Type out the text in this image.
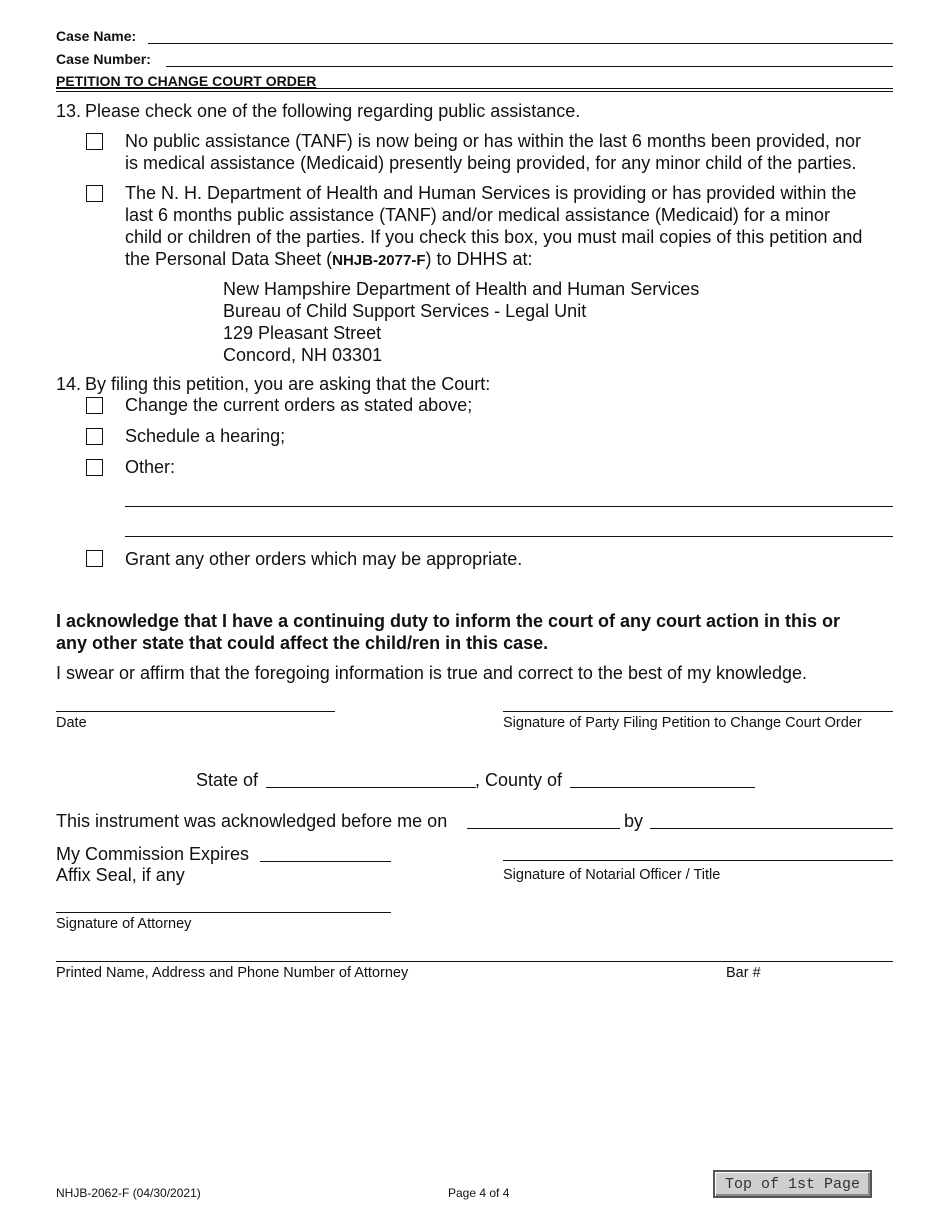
Case Name:
Case Number:
PETITION TO CHANGE COURT ORDER
13. Please check one of the following regarding public assistance.
No public assistance (TANF) is now being or has within the last 6 months been provided, nor
is medical assistance (Medicaid) presently being provided, for any minor child of the parties.
The N. H. Department of Health and Human Services is providing or has provided within the
last 6 months public assistance (TANF) and/or medical assistance (Medicaid) for a minor
child or children of the parties. If you check this box, you must mail copies of this petition and
the Personal Data Sheet (NHJB-2077-F) to DHHS at:
New Hampshire Department of Health and Human Services
Bureau of Child Support Services - Legal Unit
129 Pleasant Street
Concord, NH 03301
14. By filing this petition, you are asking that the Court:
Change the current orders as stated above;
Schedule a hearing;
Other:
Grant any other orders which may be appropriate.
I acknowledge that I have a continuing duty to inform the court of any court action in this or
any other state that could affect the child/ren in this case.
I swear or affirm that the foregoing information is true and correct to the best of my knowledge.
Date	Signature of Party Filing Petition to Change Court Order
State of	, County of
This instrument was acknowledged before me on	by
My Commission Expires
Affix Seal, if any	Signature of Notarial Officer / Title
Signature of Attorney
Printed Name, Address and Phone Number of Attorney	Bar #
NHJB-2062-F (04/30/2021)	Page 4 of 4
Top of 1st Page
